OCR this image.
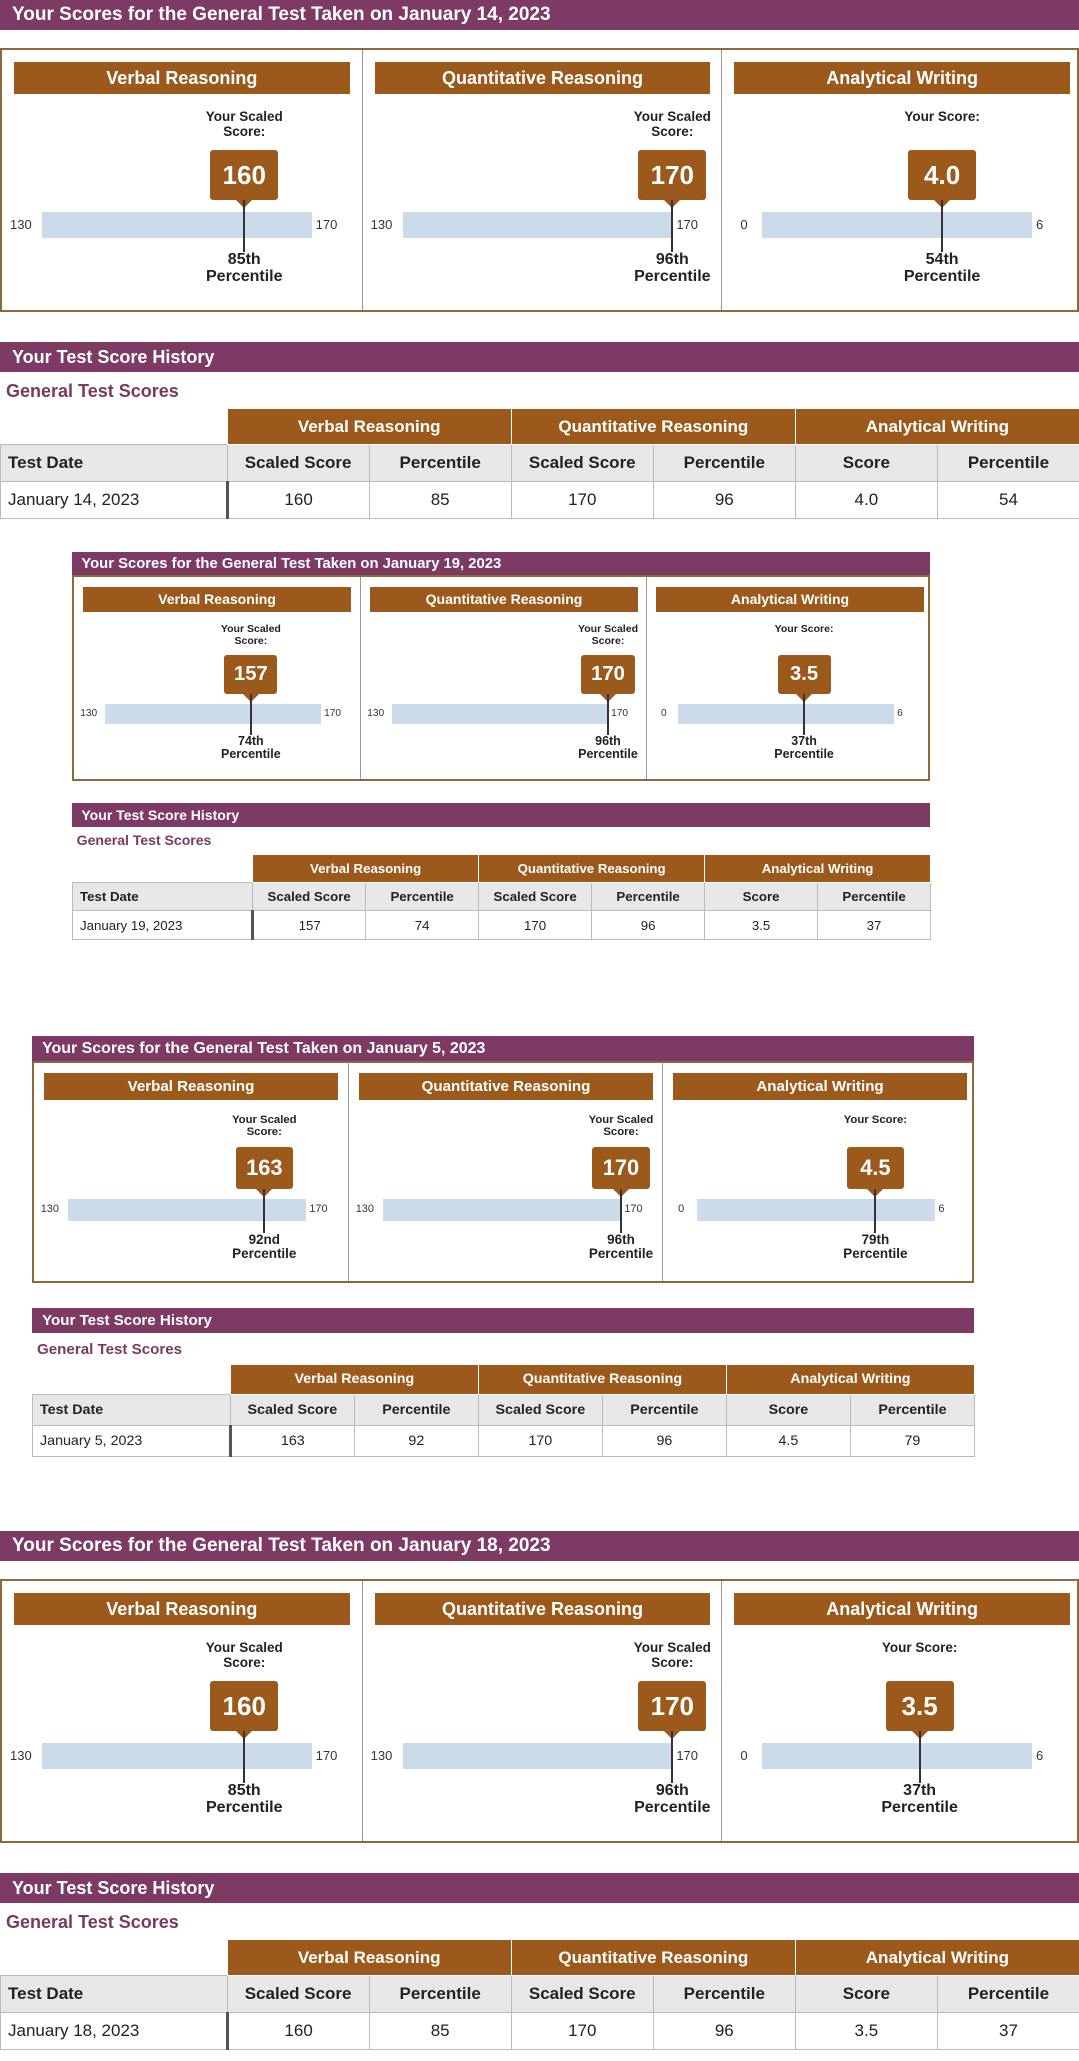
Your Scores for the General Test Taken on January 14, 2023
Verbal Reasoning
Your Scaled Score:
160
130	170
85th
Percentile
Quantitative Reasoning
Your Scaled Score:
170
130	170
96th
Percentile
Analytical Writing
Your Score:
4.0
0	6
54th
Percentile
Your Test Score History
General Test Scores
	Verbal Reasoning		Quantitative Reasoning		Analytical Writing	
Test Date	Scaled Score	Percentile	Scaled Score	Percentile	Score	Percentile
January 14, 2023	160	85	170	96	4.0	54
Your Scores for the General Test Taken on January 19, 2023
Verbal Reasoning
Your Scaled Score:
157
130	170
74th
Percentile
Quantitative Reasoning
Your Scaled Score:
170
130	170
96th
Percentile
Analytical Writing
Your Score:
3.5
0	6
37th
Percentile
Your Test Score History
General Test Scores
	Verbal Reasoning		Quantitative Reasoning		Analytical Writing	
Test Date	Scaled Score	Percentile	Scaled Score	Percentile	Score	Percentile
January 19, 2023	157	74	170	96	3.5	37
Your Scores for the General Test Taken on January 5, 2023
Verbal Reasoning
Your Scaled Score:
163
130	170
92nd
Percentile
Quantitative Reasoning
Your Scaled Score:
170
130	170
96th
Percentile
Analytical Writing
Your Score:
4.5
0	6
79th
Percentile
Your Test Score History
General Test Scores
	Verbal Reasoning		Quantitative Reasoning		Analytical Writing	
Test Date	Scaled Score	Percentile	Scaled Score	Percentile	Score	Percentile
January 5, 2023	163	92	170	96	4.5	79
Your Scores for the General Test Taken on January 18, 2023
Verbal Reasoning
Your Scaled Score:
160
130	170
85th
Percentile
Quantitative Reasoning
Your Scaled Score:
170
130	170
96th
Percentile
Analytical Writing
Your Score:
3.5
0	6
37th
Percentile
Your Test Score History
General Test Scores
	Verbal Reasoning		Quantitative Reasoning		Analytical Writing	
Test Date	Scaled Score	Percentile	Scaled Score	Percentile	Score	Percentile
January 18, 2023	160	85	170	96	3.5	37
